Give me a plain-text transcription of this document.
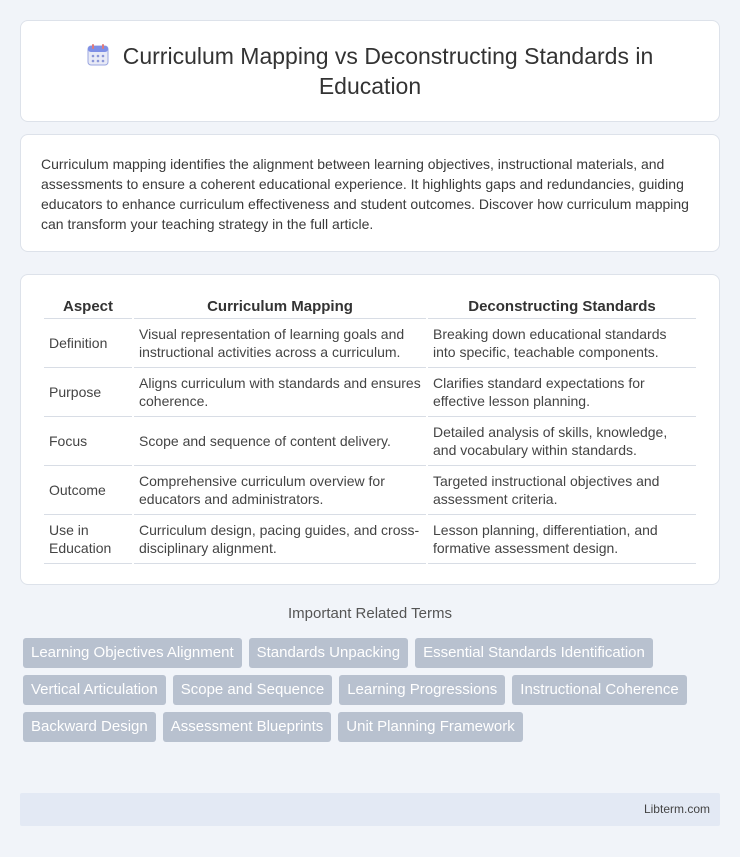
Curriculum Mapping vs Deconstructing Standards in Education

Curriculum mapping identifies the alignment between learning objectives, instructional materials, and assessments to ensure a coherent educational experience. It highlights gaps and redundancies, guiding educators to enhance curriculum effectiveness and student outcomes. Discover how curriculum mapping can transform your teaching strategy in the full article.

Aspect	Curriculum Mapping	Deconstructing Standards
Definition	Visual representation of learning goals and instructional activities across a curriculum.	Breaking down educational standards into specific, teachable components.
Purpose	Aligns curriculum with standards and ensures coherence.	Clarifies standard expectations for effective lesson planning.
Focus	Scope and sequence of content delivery.	Detailed analysis of skills, knowledge, and vocabulary within standards.
Outcome	Comprehensive curriculum overview for educators and administrators.	Targeted instructional objectives and assessment criteria.
Use in Education	Curriculum design, pacing guides, and cross-disciplinary alignment.	Lesson planning, differentiation, and formative assessment design.
Important Related Terms
Learning Objectives Alignment	Standards Unpacking	Essential Standards Identification
Vertical Articulation	Scope and Sequence	Learning Progressions	Instructional Coherence
Backward Design	Assessment Blueprints	Unit Planning Framework
Libterm.com
